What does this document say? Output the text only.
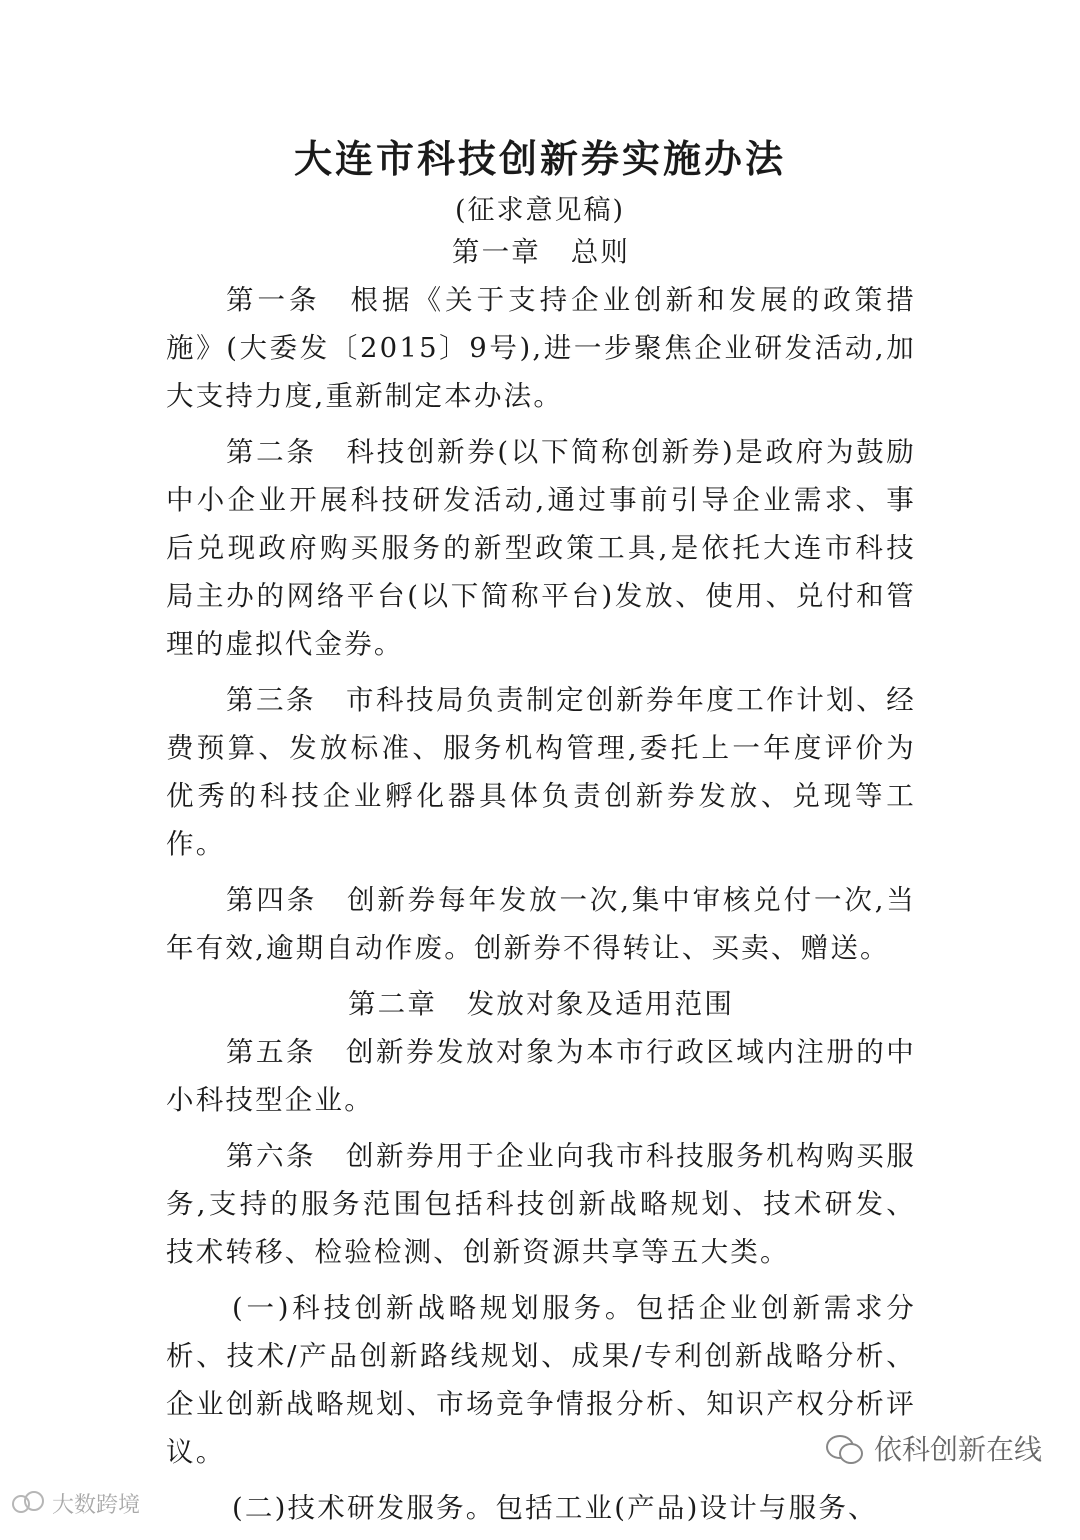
大连市科技创新券实施办法
(征求意见稿)

第一章　总则

第一条 根据《关于支持企业创新和发展的政策措施》(大委发〔2015〕9号),进一步聚焦企业研发活动,加大支持力度,重新制定本办法。

第二条 科技创新券(以下简称创新券)是政府为鼓励中小企业开展科技研发活动,通过事前引导企业需求、事后兑现政府购买服务的新型政策工具,是依托大连市科技局主办的网络平台(以下简称平台)发放、使用、兑付和管理的虚拟代金券。

第三条 市科技局负责制定创新券年度工作计划、经费预算、发放标准、服务机构管理,委托上一年度评价为优秀的科技企业孵化器具体负责创新券发放、兑现等工作。

第四条 创新券每年发放一次,集中审核兑付一次,当年有效,逾期自动作废。创新券不得转让、买卖、赠送。

第二章　发放对象及适用范围

第五条 创新券发放对象为本市行政区域内注册的中小科技型企业。

第六条 创新券用于企业向我市科技服务机构购买服务,支持的服务范围包括科技创新战略规划、技术研发、技术转移、检验检测、创新资源共享等五大类。

(一)科技创新战略规划服务。包括企业创新需求分析、技术/产品创新路线规划、成果/专利创新战略分析、企业创新战略规划、市场竞争情报分析、知识产权分析评议。

(二)技术研发服务。包括工业(产品)设计与服务、

依科创新在线
大数跨境
